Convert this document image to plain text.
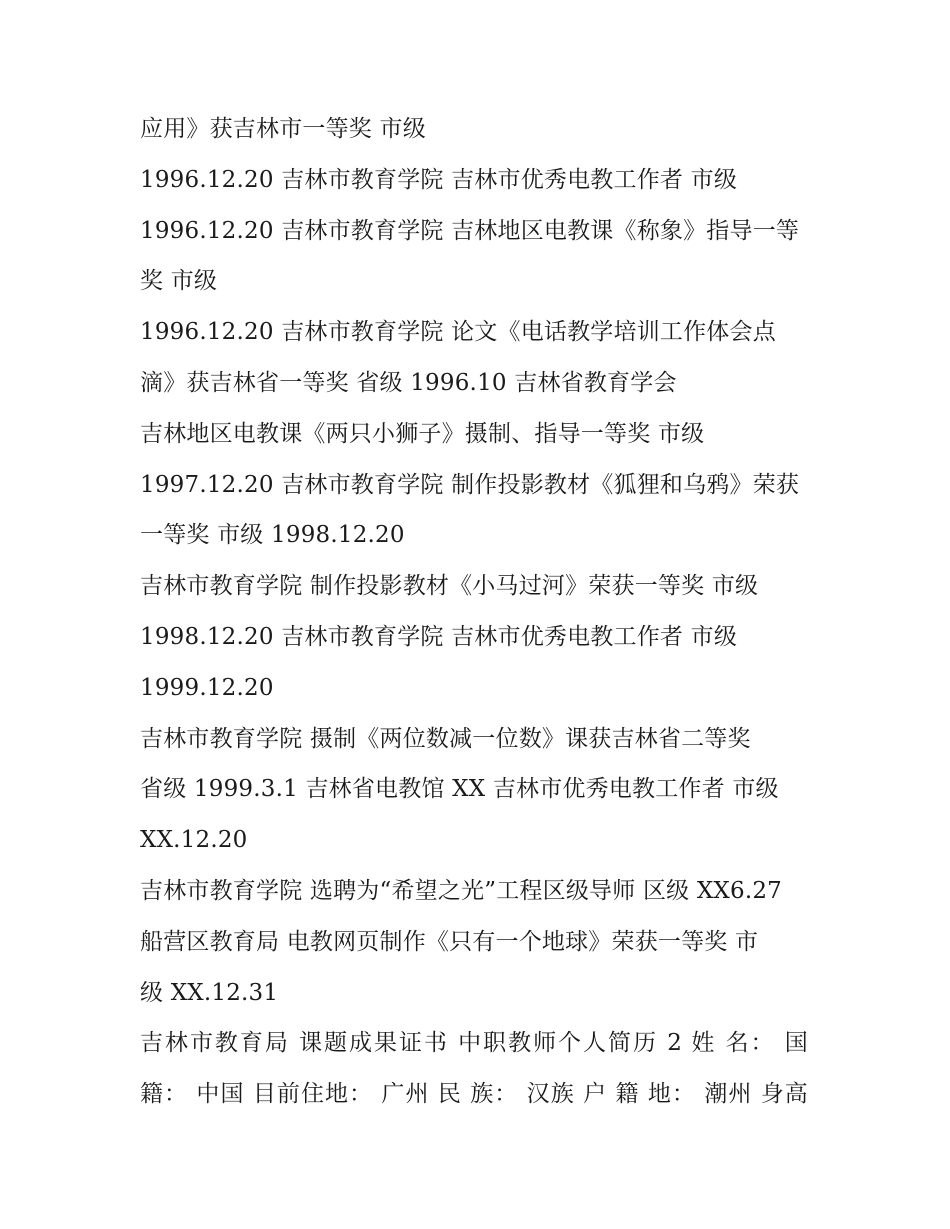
应用》获吉林市一等奖 市级
1996.12.20 吉林市教育学院 吉林市优秀电教工作者 市级
1996.12.20 吉林市教育学院 吉林地区电教课《称象》指导一等
奖 市级
1996.12.20 吉林市教育学院 论文《电话教学培训工作体会点
滴》获吉林省一等奖 省级 1996.10 吉林省教育学会
吉林地区电教课《两只小狮子》摄制、指导一等奖 市级
1997.12.20 吉林市教育学院 制作投影教材《狐狸和乌鸦》荣获
一等奖 市级 1998.12.20
吉林市教育学院 制作投影教材《小马过河》荣获一等奖 市级
1998.12.20 吉林市教育学院 吉林市优秀电教工作者 市级
1999.12.20
吉林市教育学院 摄制《两位数减一位数》课获吉林省二等奖
省级 1999.3.1 吉林省电教馆 XX 吉林市优秀电教工作者 市级
XX.12.20
吉林市教育学院 选聘为“希望之光”工程区级导师 区级 XX6.27
船营区教育局 电教网页制作《只有一个地球》荣获一等奖 市
级 XX.12.31
吉林市教育局 课题成果证书 中职教师个人简历 2 姓 名： 国
籍： 中国 目前住地： 广州 民 族： 汉族 户 籍 地： 潮州 身高
